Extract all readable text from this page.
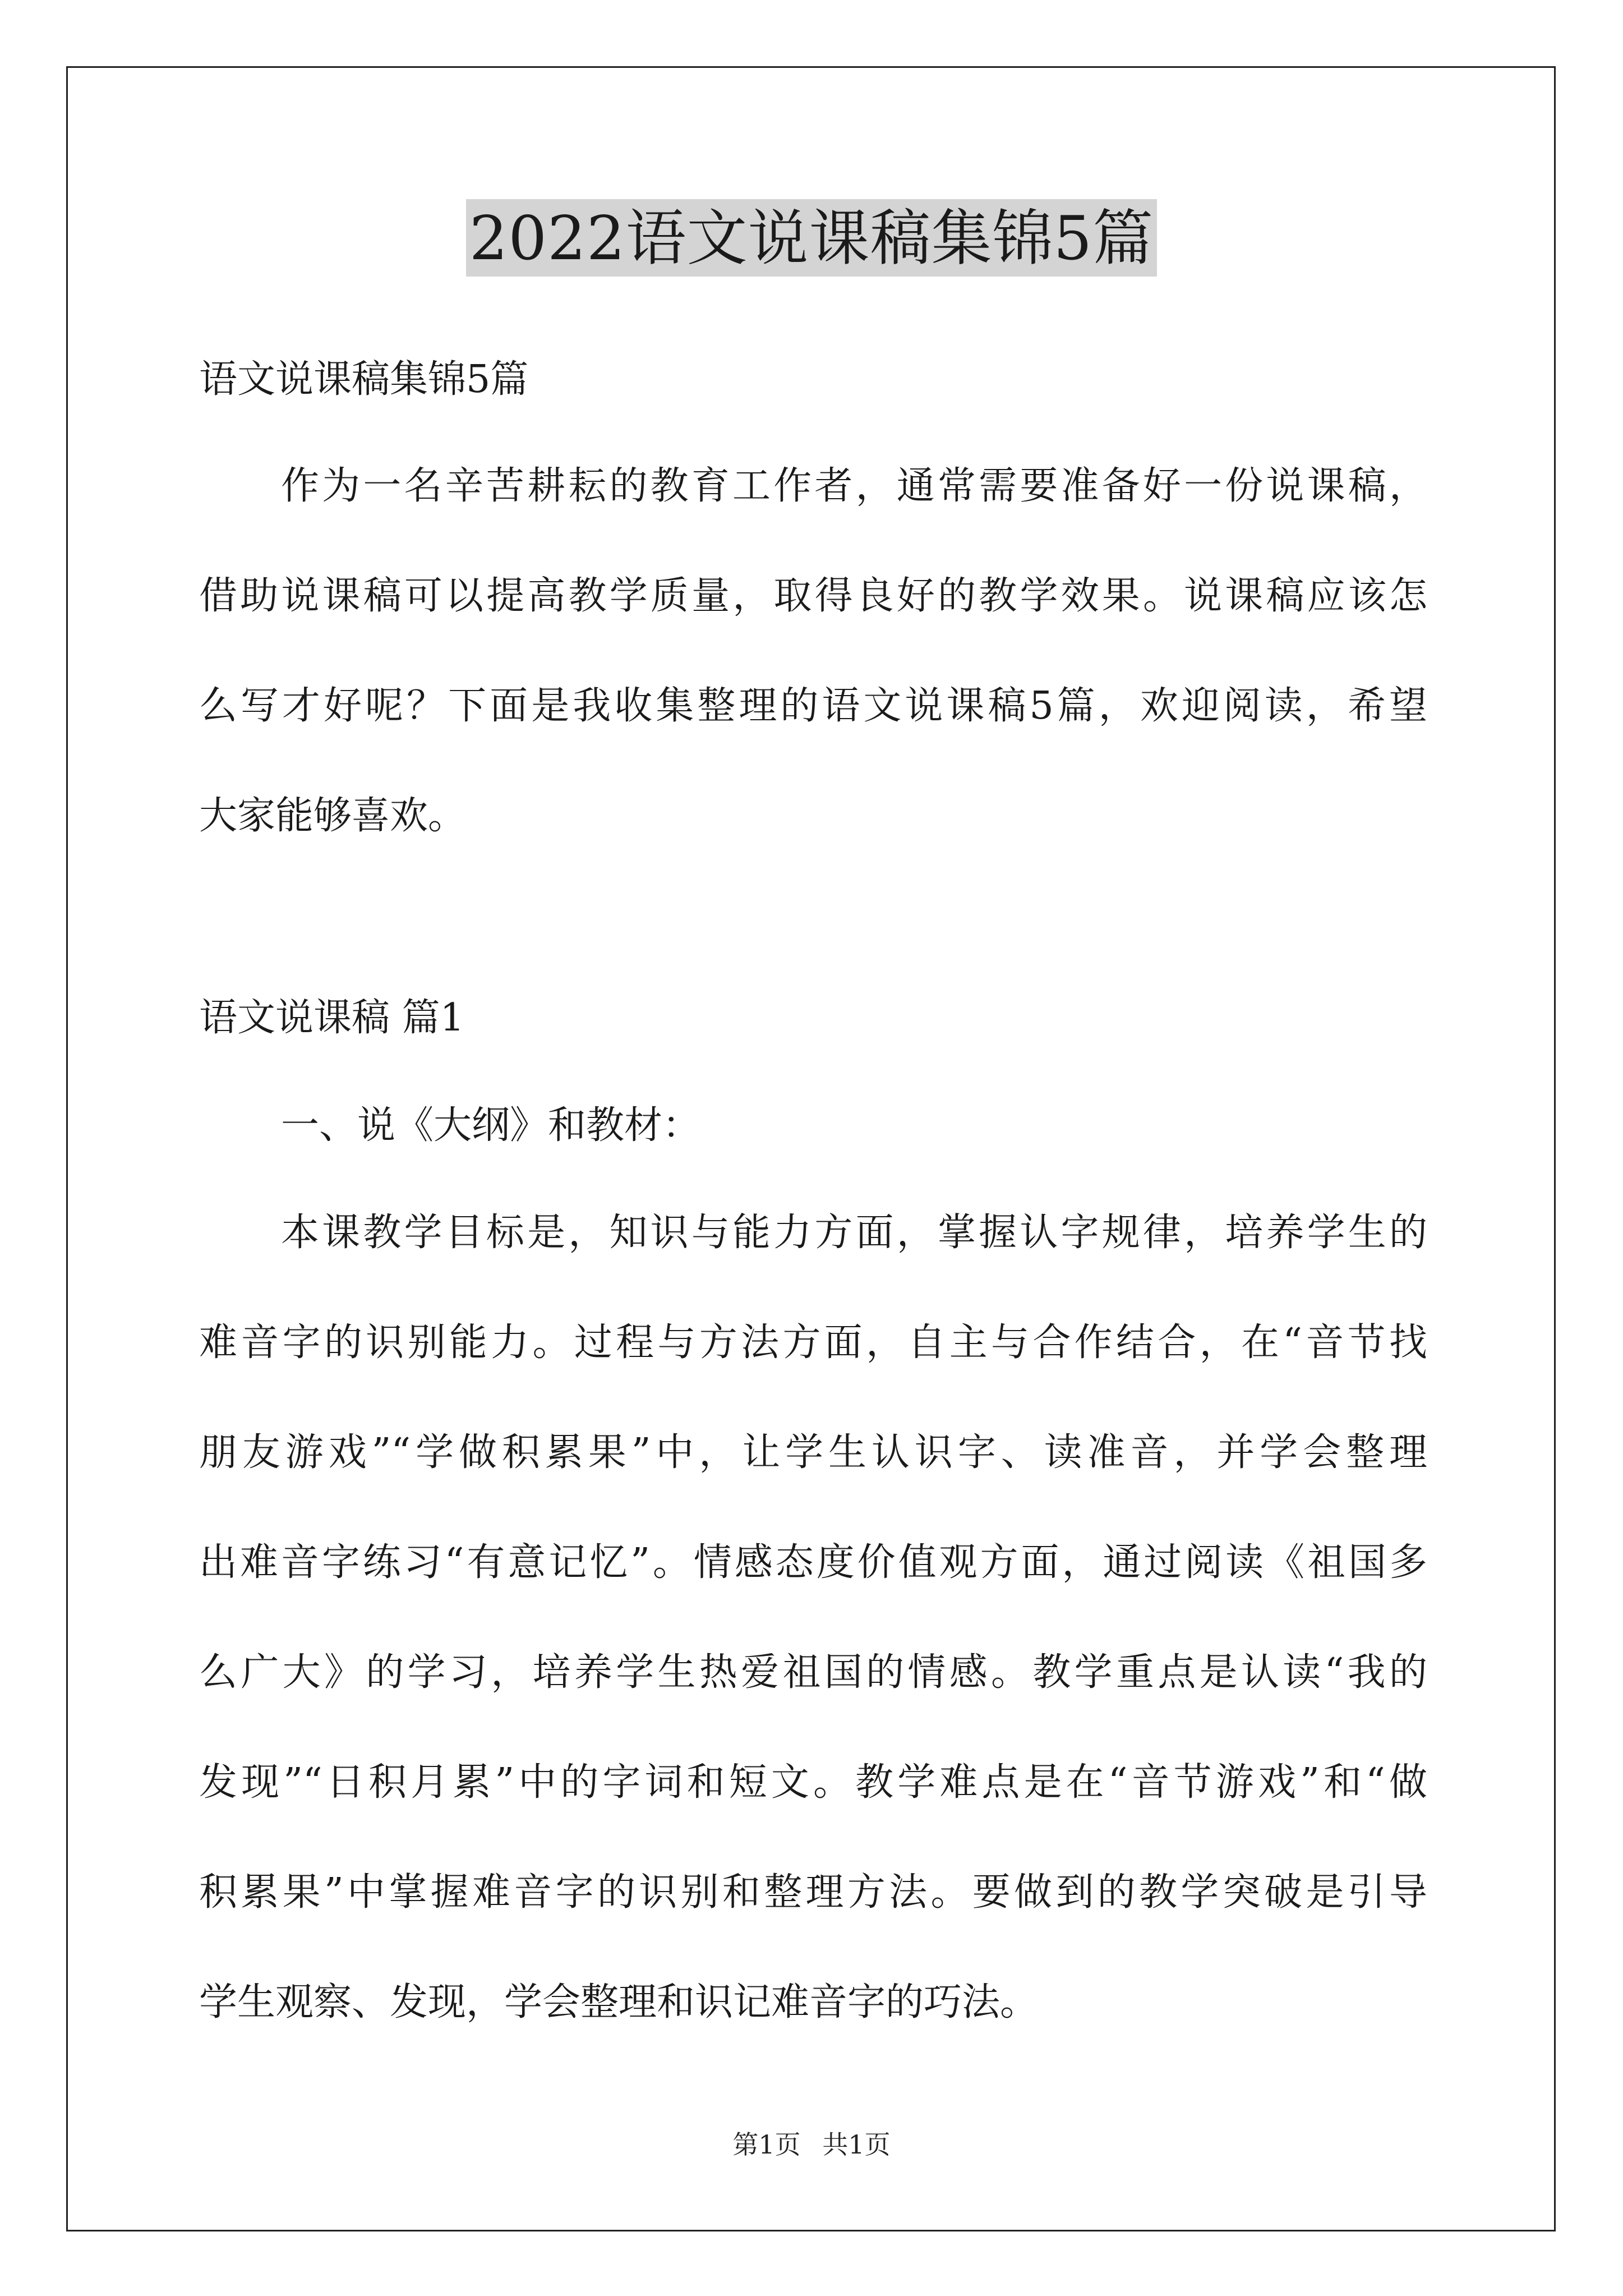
2022语文说课稿集锦5篇
语文说课稿集锦5篇
作为一名辛苦耕耘的教育工作者，通常需要准备好一份说课稿，
借助说课稿可以提高教学质量，取得良好的教学效果。说课稿应该怎
么写才好呢？下面是我收集整理的语文说课稿5篇，欢迎阅读，希望
大家能够喜欢。
语文说课稿 篇1
一、说《大纲》和教材：
本课教学目标是，知识与能力方面，掌握认字规律，培养学生的
难音字的识别能力。过程与方法方面，自主与合作结合，在“音节找
朋友游戏”“学做积累果”中，让学生认识字、读准音，并学会整理
出难音字练习“有意记忆”。情感态度价值观方面，通过阅读《祖国多
么广大》的学习，培养学生热爱祖国的情感。教学重点是认读“我的
发现”“日积月累”中的字词和短文。教学难点是在“音节游戏”和“做
积累果”中掌握难音字的识别和整理方法。要做到的教学突破是引导
学生观察、发现，学会整理和识记难音字的巧法。
第1页 共1页
